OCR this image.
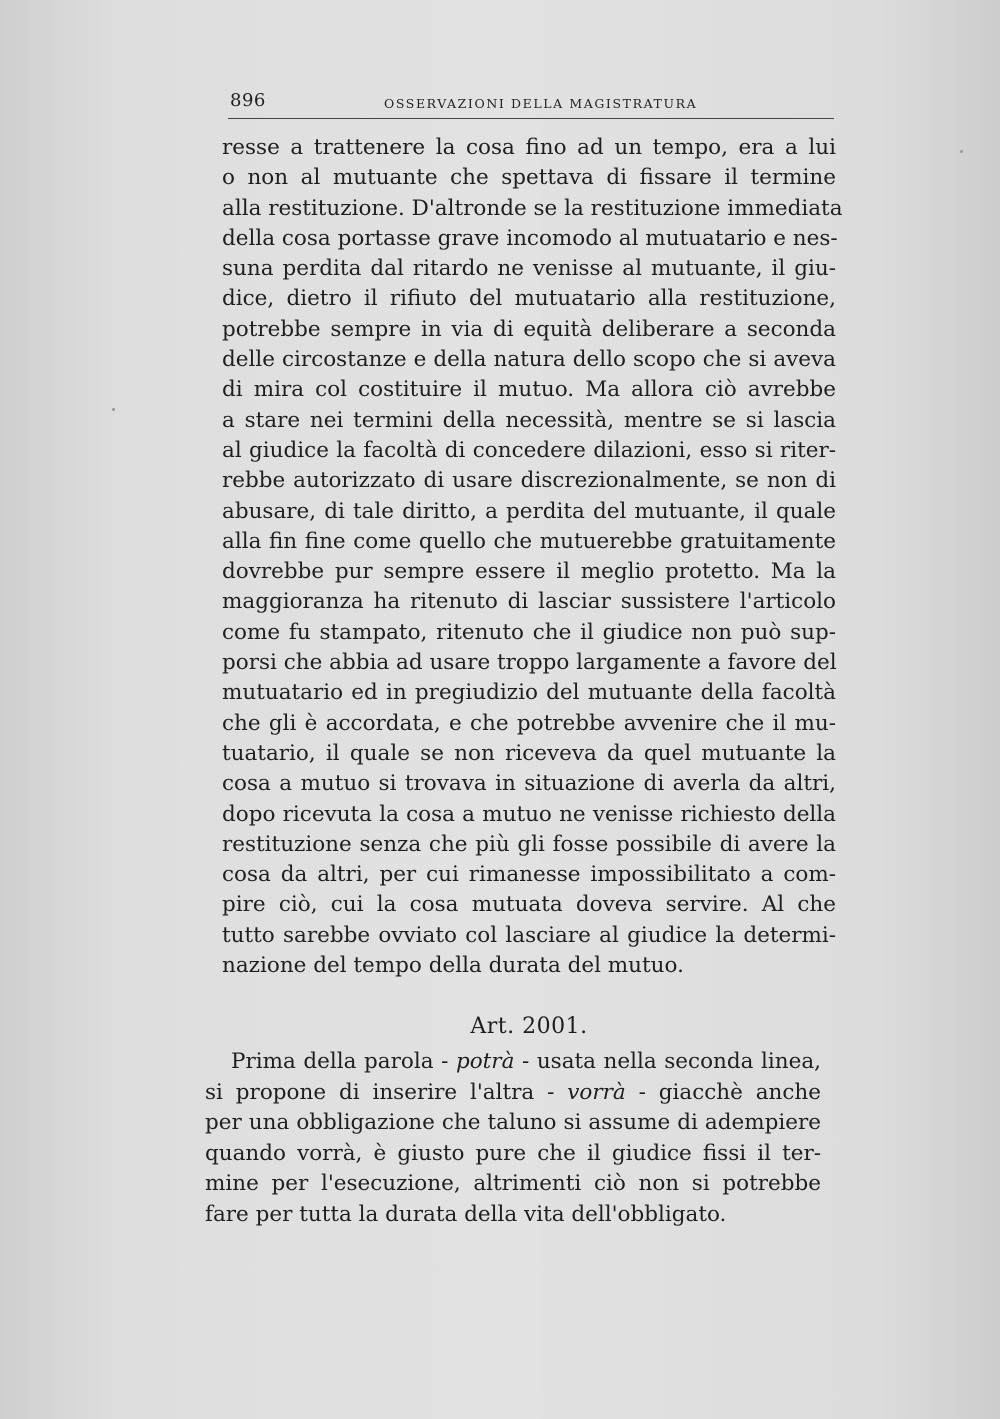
896	OSSERVAZIONI DELLA MAGISTRATURA
resse a trattenere la cosa fino ad un tempo, era a lui
o non al mutuante che spettava di fissare il termine
alla restituzione. D'altronde se la restituzione immediata
della cosa portasse grave incomodo al mutuatario e nes-
suna perdita dal ritardo ne venisse al mutuante, il giu-
dice, dietro il rifiuto del mutuatario alla restituzione,
potrebbe sempre in via di equità deliberare a seconda
delle circostanze e della natura dello scopo che si aveva
di mira col costituire il mutuo. Ma allora ciò avrebbe
a stare nei termini della necessità, mentre se si lascia
al giudice la facoltà di concedere dilazioni, esso si riter-
rebbe autorizzato di usare discrezionalmente, se non di
abusare, di tale diritto, a perdita del mutuante, il quale
alla fin fine come quello che mutuerebbe gratuitamente
dovrebbe pur sempre essere il meglio protetto. Ma la
maggioranza ha ritenuto di lasciar sussistere l'articolo
come fu stampato, ritenuto che il giudice non può sup-
porsi che abbia ad usare troppo largamente a favore del
mutuatario ed in pregiudizio del mutuante della facoltà
che gli è accordata, e che potrebbe avvenire che il mu-
tuatario, il quale se non riceveva da quel mutuante la
cosa a mutuo si trovava in situazione di averla da altri,
dopo ricevuta la cosa a mutuo ne venisse richiesto della
restituzione senza che più gli fosse possibile di avere la
cosa da altri, per cui rimanesse impossibilitato a com-
pire ciò, cui la cosa mutuata doveva servire. Al che
tutto sarebbe ovviato col lasciare al giudice la determi-
nazione del tempo della durata del mutuo.
Art. 2001.
Prima della parola - potrà - usata nella seconda linea,
si propone di inserire l'altra - vorrà - giacchè anche
per una obbligazione che taluno si assume di adempiere
quando vorrà, è giusto pure che il giudice fissi il ter-
mine per l'esecuzione, altrimenti ciò non si potrebbe
fare per tutta la durata della vita dell'obbligato.
